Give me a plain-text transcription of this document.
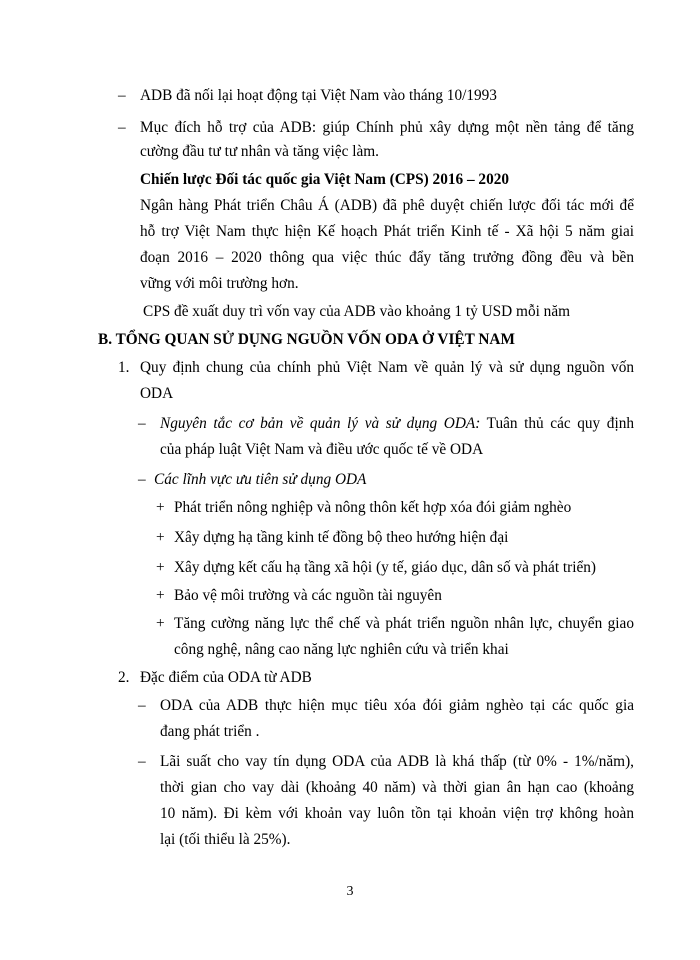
– ADB đã nối lại hoạt động tại Việt Nam vào tháng 10/1993
– Mục đích hỗ trợ của ADB: giúp Chính phủ xây dựng một nền tảng để tăng
cường đầu tư tư nhân và tăng việc làm.
Chiến lược Đối tác quốc gia Việt Nam (CPS) 2016 – 2020
Ngân hàng Phát triển Châu Á (ADB) đã phê duyệt chiến lược đối tác mới để
hỗ trợ Việt Nam thực hiện Kế hoạch Phát triển Kinh tế - Xã hội 5 năm giai
đoạn 2016 – 2020 thông qua việc thúc đẩy tăng trưởng đồng đều và bền
vững với môi trường hơn.
CPS đề xuất duy trì vốn vay của ADB vào khoảng 1 tỷ USD mỗi năm
B. TỔNG QUAN SỬ DỤNG NGUỒN VỐN ODA Ở VIỆT NAM
1. Quy định chung của chính phủ Việt Nam về quản lý và sử dụng nguồn vốn
ODA
– Nguyên tắc cơ bản về quản lý và sử dụng ODA: Tuân thủ các quy định
của pháp luật Việt Nam và điều ước quốc tế về ODA
– Các lĩnh vực ưu tiên sử dụng ODA
+ Phát triển nông nghiệp và nông thôn kết hợp xóa đói giảm nghèo
+ Xây dựng hạ tầng kinh tế đồng bộ theo hướng hiện đại
+ Xây dựng kết cấu hạ tầng xã hội (y tế, giáo dục, dân số và phát triển)
+ Bảo vệ môi trường và các nguồn tài nguyên
+ Tăng cường năng lực thể chế và phát triển nguồn nhân lực, chuyển giao
công nghệ, nâng cao năng lực nghiên cứu và triển khai
2. Đặc điểm của ODA từ ADB
– ODA của ADB thực hiện mục tiêu xóa đói giảm nghèo tại các quốc gia
đang phát triển .
– Lãi suất cho vay tín dụng ODA của ADB là khá thấp (từ 0% - 1%/năm),
thời gian cho vay dài (khoảng 40 năm) và thời gian ân hạn cao (khoảng
10 năm). Đi kèm với khoản vay luôn tồn tại khoản viện trợ không hoàn
lại (tối thiểu là 25%).
3
